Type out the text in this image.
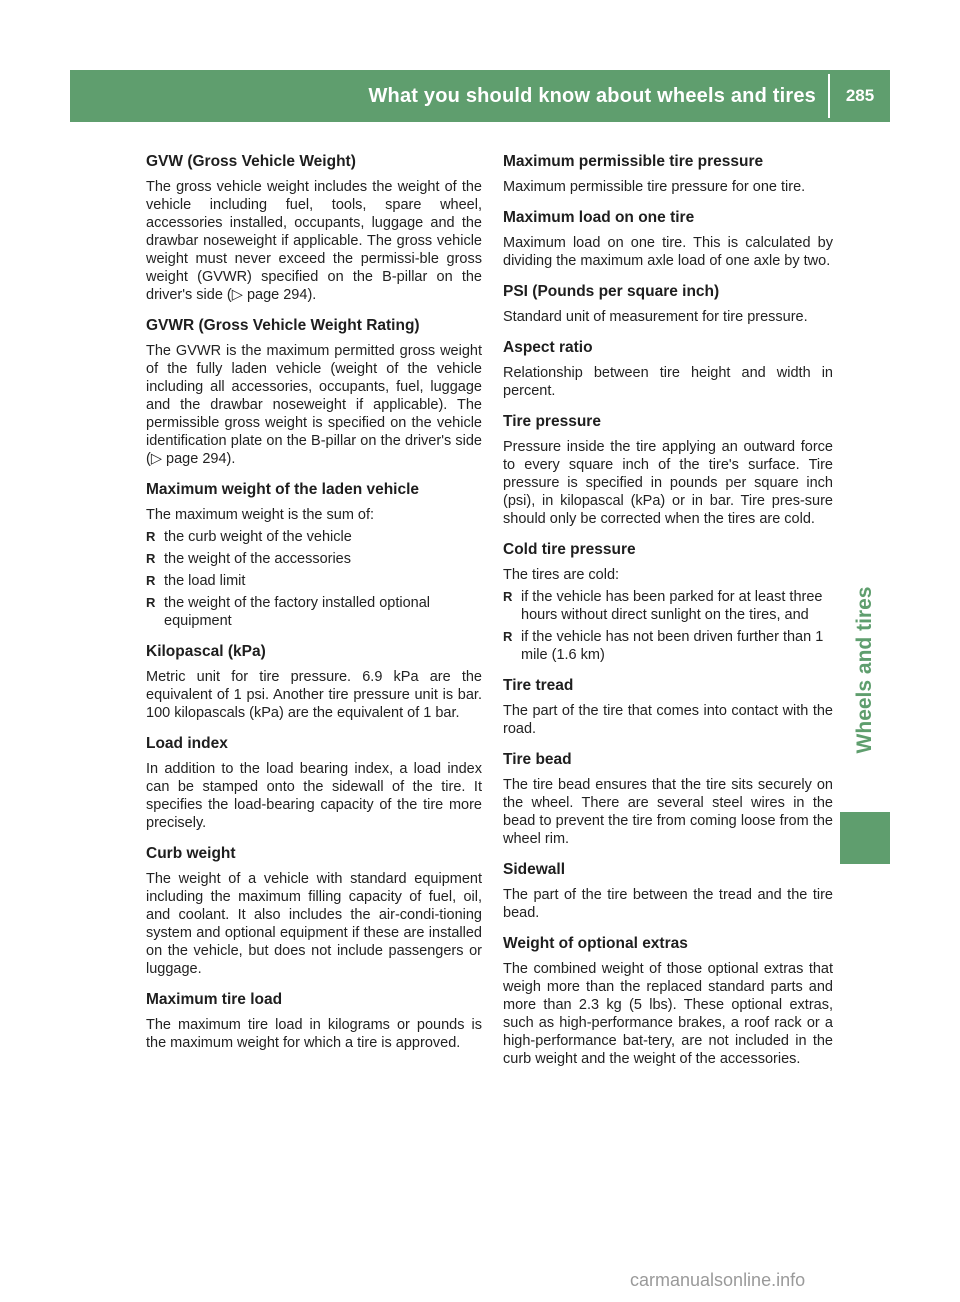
What you should know about wheels and tires	285
Wheels and tires
GVW (Gross Vehicle Weight)

The gross vehicle weight includes the weight of the vehicle including fuel, tools, spare wheel, accessories installed, occupants, luggage and the drawbar noseweight if applicable. The gross vehicle weight must never exceed the permissi-ble gross weight (GVWR) specified on the B-pillar on the driver's side (▷ page 294).

GVWR (Gross Vehicle Weight Rating)

The GVWR is the maximum permitted gross weight of the fully laden vehicle (weight of the vehicle including all accessories, occupants, fuel, luggage and the drawbar noseweight if applicable). The permissible gross weight is specified on the vehicle identification plate on the B-pillar on the driver's side (▷ page 294).

Maximum weight of the laden vehicle

The maximum weight is the sum of:

R the curb weight of the vehicle
R the weight of the accessories
R the load limit
R the weight of the factory installed optional equipment
Kilopascal (kPa)

Metric unit for tire pressure. 6.9 kPa are the equivalent of 1 psi. Another tire pressure unit is bar. 100 kilopascals (kPa) are the equivalent of 1 bar.

Load index

In addition to the load bearing index, a load index can be stamped onto the sidewall of the tire. It specifies the load-bearing capacity of the tire more precisely.

Curb weight

The weight of a vehicle with standard equipment including the maximum filling capacity of fuel, oil, and coolant. It also includes the air-condi-tioning system and optional equipment if these are installed on the vehicle, but does not include passengers or luggage.

Maximum tire load

The maximum tire load in kilograms or pounds is the maximum weight for which a tire is approved.

Maximum permissible tire pressure

Maximum permissible tire pressure for one tire.

Maximum load on one tire

Maximum load on one tire. This is calculated by dividing the maximum axle load of one axle by two.

PSI (Pounds per square inch)

Standard unit of measurement for tire pressure.

Aspect ratio

Relationship between tire height and width in percent.

Tire pressure

Pressure inside the tire applying an outward force to every square inch of the tire's surface. Tire pressure is specified in pounds per square inch (psi), in kilopascal (kPa) or in bar. Tire pres-sure should only be corrected when the tires are cold.

Cold tire pressure

The tires are cold:

R if the vehicle has been parked for at least three hours without direct sunlight on the tires, and
R if the vehicle has not been driven further than 1 mile (1.6 km)
Tire tread

The part of the tire that comes into contact with the road.

Tire bead

The tire bead ensures that the tire sits securely on the wheel. There are several steel wires in the bead to prevent the tire from coming loose from the wheel rim.

Sidewall

The part of the tire between the tread and the tire bead.

Weight of optional extras

The combined weight of those optional extras that weigh more than the replaced standard parts and more than 2.3 kg (5 lbs). These optional extras, such as high-performance brakes, a roof rack or a high-performance bat-tery, are not included in the curb weight and the weight of the accessories.

carmanualsonline.info
